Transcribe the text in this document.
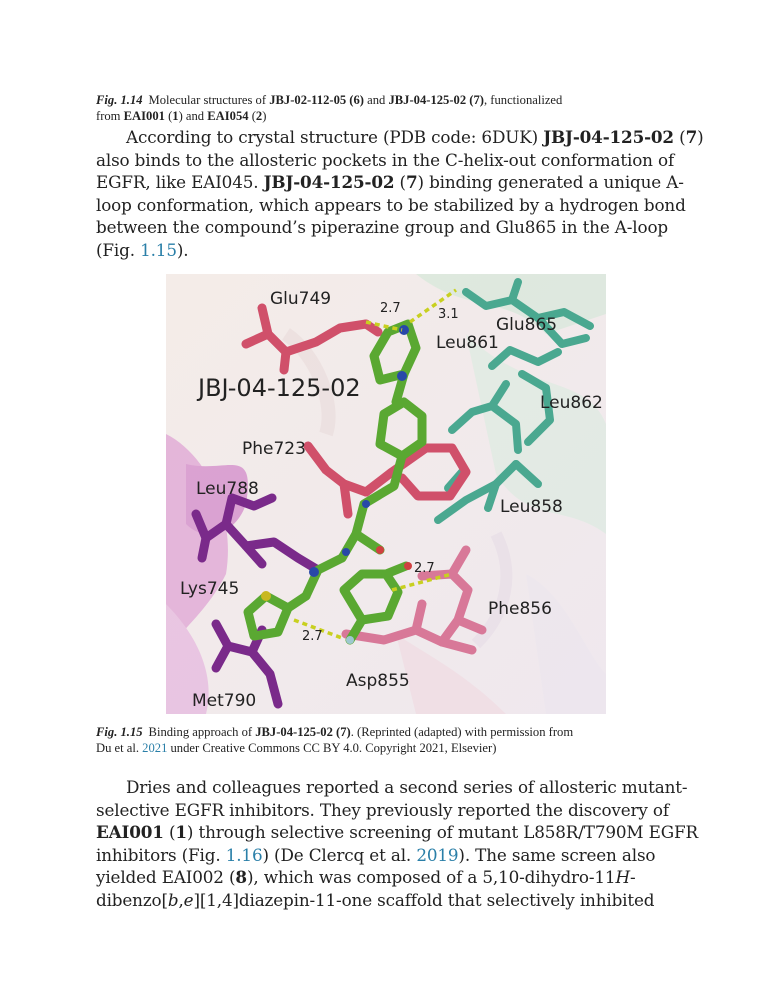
Fig. 1.14 Molecular structures of JBJ-02-112-05 (6) and JBJ-04-125-02 (7), functionalized
from EAI001 (1) and EAI054 (2)
According to crystal structure (PDB code: 6DUK) JBJ-04-125-02 (7)
also binds to the allosteric pockets in the C-helix-out conformation of
EGFR, like EAI045. JBJ-04-125-02 (7) binding generated a unique A-
loop conformation, which appears to be stabilized by a hydrogen bond
between the compound’s piperazine group and Glu865 in the A-loop
(Fig. 1.15).
Glu749
Glu865
Leu861
Leu862
Phe723
Leu788
Leu858
Lys745
Phe856
Met790
Asp855
2.7	3.1
2.7
2.7
JBJ-04-125-02
Fig. 1.15 Binding approach of JBJ-04-125-02 (7). (Reprinted (adapted) with permission from
Du et al. 2021 under Creative Commons CC BY 4.0. Copyright 2021, Elsevier)
Dries and colleagues reported a second series of allosteric mutant-
selective EGFR inhibitors. They previously reported the discovery of
EAI001 (1) through selective screening of mutant L858R/T790M EGFR
inhibitors (Fig. 1.16) (De Clercq et al. 2019). The same screen also
yielded EAI002 (8), which was composed of a 5,10-dihydro-11H-
dibenzo[b,e][1,4]diazepin-11-one scaffold that selectively inhibited
